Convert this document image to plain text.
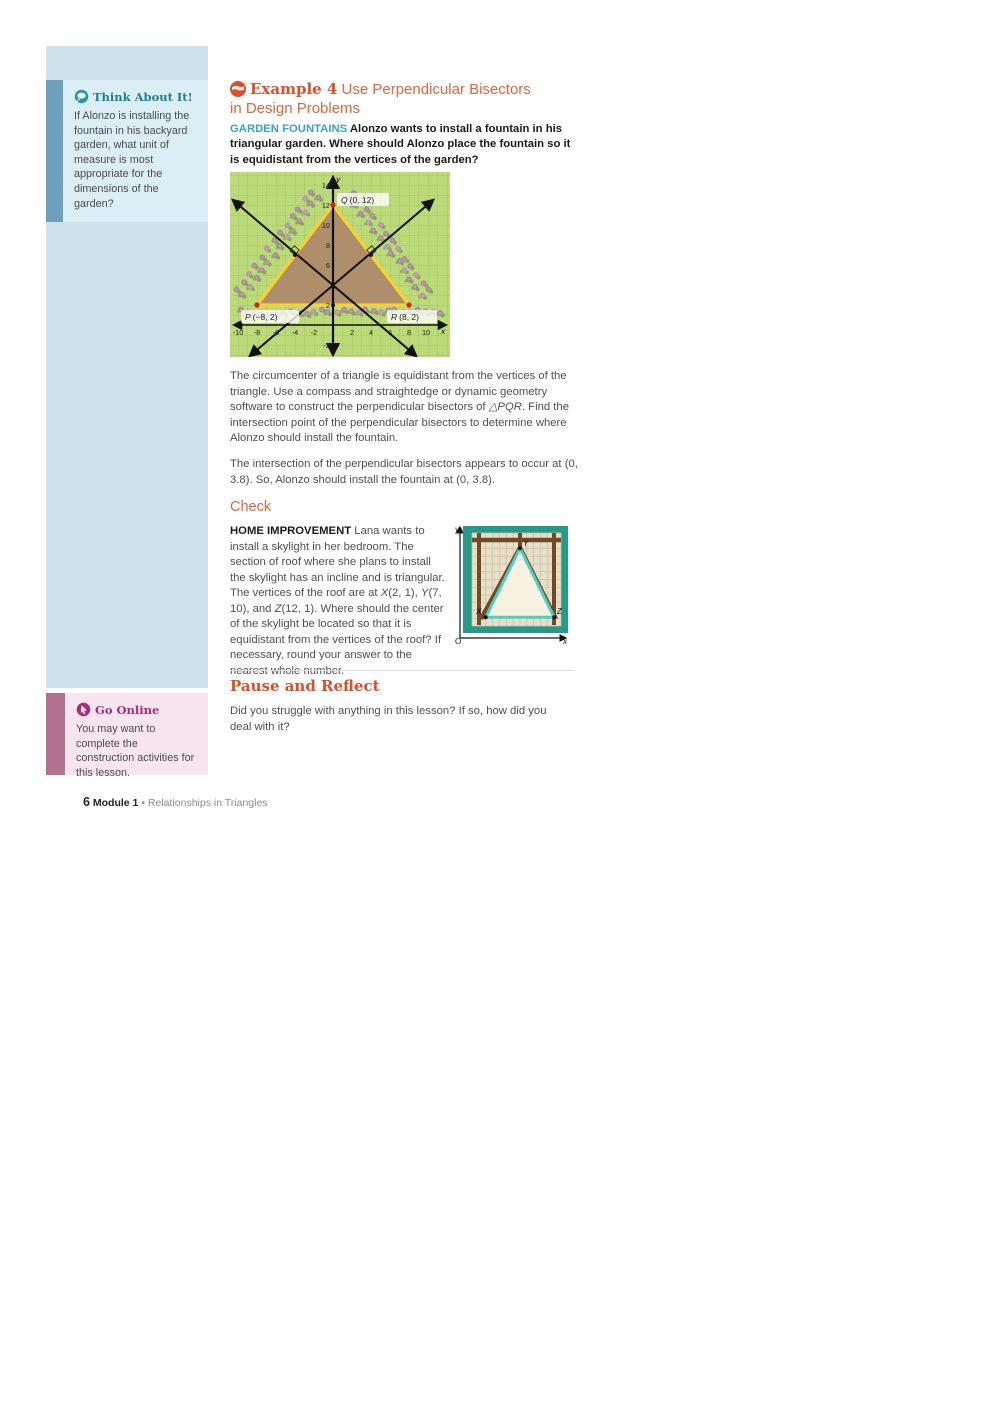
Think About It!

If Alonzo is installing the fountain in his backyard garden, what unit of measure is most appropriate for the dimensions of the garden?

Go Online

You may want to complete the construction activities for this lesson.

6 Module 1 • Relationships in Triangles
Example 4 Use Perpendicular Bisectors
in Design Problems

GARDEN FOUNTAINS Alonzo wants to install a fountain in his triangular garden. Where should Alonzo place the fountain so it is equidistant from the vertices of the garden?

Q (0, 12)
P (−8, 2)	R (8, 2)
x
y
-10 -8 -6 -4 -2	2 4 6 8 10
14
12
10
8
6
2
-2

The circumcenter of a triangle is equidistant from the vertices of the triangle. Use a compass and straightedge or dynamic geometry software to construct the perpendicular bisectors of △PQR. Find the intersection point of the perpendicular bisectors to determine where Alonzo should install the fountain.

The intersection of the perpendicular bisectors appears to occur at (0, 3.8). So, Alonzo should install the fountain at (0, 3.8).

Check

HOME IMPROVEMENT Lana wants to install a skylight in her bedroom. The section of roof where she plans to install the skylight has an incline and is triangular. The vertices of the roof are at X(2, 1), Y(7, 10), and Z(12, 1). Where should the center of the skylight be located so that it is equidistant from the vertices of the roof? If necessary, round your answer to the nearest whole number.

X
Y
Z
y
x
O
Pause and Reflect

Did you struggle with anything in this lesson? If so, how did you deal with it?
